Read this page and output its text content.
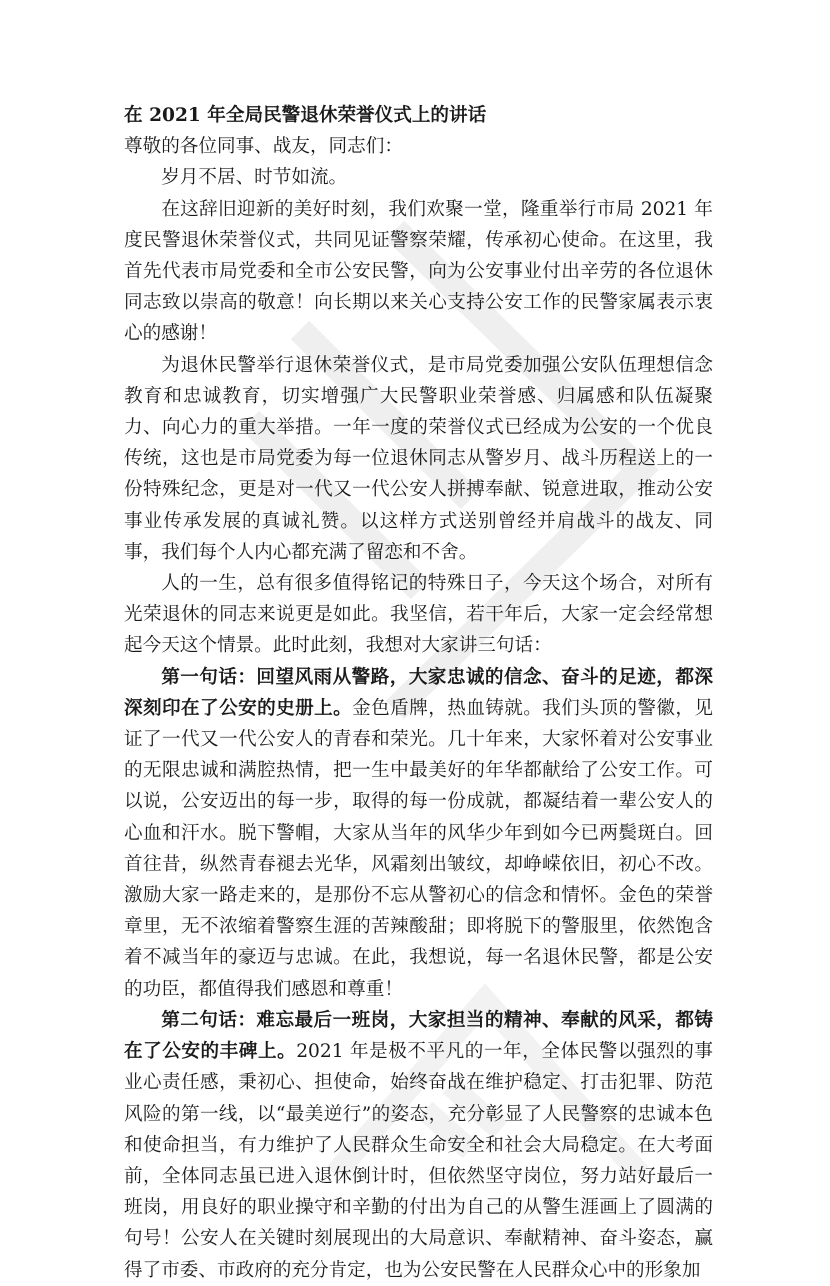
在 2021 年全局民警退休荣誉仪式上的讲话

尊敬的各位同事、战友，同志们：

岁月不居、时节如流。

在这辞旧迎新的美好时刻，我们欢聚一堂，隆重举行市局 2021 年度民警退休荣誉仪式，共同见证警察荣耀，传承初心使命。在这里，我首先代表市局党委和全市公安民警，向为公安事业付出辛劳的各位退休同志致以崇高的敬意！向长期以来关心支持公安工作的民警家属表示衷心的感谢！

为退休民警举行退休荣誉仪式，是市局党委加强公安队伍理想信念教育和忠诚教育，切实增强广大民警职业荣誉感、归属感和队伍凝聚力、向心力的重大举措。一年一度的荣誉仪式已经成为公安的一个优良传统，这也是市局党委为每一位退休同志从警岁月、战斗历程送上的一份特殊纪念，更是对一代又一代公安人拼搏奉献、锐意进取，推动公安事业传承发展的真诚礼赞。以这样方式送别曾经并肩战斗的战友、同事，我们每个人内心都充满了留恋和不舍。

人的一生，总有很多值得铭记的特殊日子，今天这个场合，对所有光荣退休的同志来说更是如此。我坚信，若干年后，大家一定会经常想起今天这个情景。此时此刻，我想对大家讲三句话：

第一句话：回望风雨从警路，大家忠诚的信念、奋斗的足迹，都深深刻印在了公安的史册上。金色盾牌，热血铸就。我们头顶的警徽，见证了一代又一代公安人的青春和荣光。几十年来，大家怀着对公安事业的无限忠诚和满腔热情，把一生中最美好的年华都献给了公安工作。可以说，公安迈出的每一步，取得的每一份成就，都凝结着一辈公安人的心血和汗水。脱下警帽，大家从当年的风华少年到如今已两鬓斑白。回首往昔，纵然青春褪去光华，风霜刻出皱纹，却峥嵘依旧，初心不改。激励大家一路走来的，是那份不忘从警初心的信念和情怀。金色的荣誉章里，无不浓缩着警察生涯的苦辣酸甜；即将脱下的警服里，依然饱含着不减当年的豪迈与忠诚。在此，我想说，每一名退休民警，都是公安的功臣，都值得我们感恩和尊重！

第二句话：难忘最后一班岗，大家担当的精神、奉献的风采，都铸在了公安的丰碑上。2021 年是极不平凡的一年，全体民警以强烈的事业心责任感，秉初心、担使命，始终奋战在维护稳定、打击犯罪、防范风险的第一线，以“最美逆行”的姿态，充分彰显了人民警察的忠诚本色和使命担当，有力维护了人民群众生命安全和社会大局稳定。在大考面前，全体同志虽已进入退休倒计时，但依然坚守岗位，努力站好最后一班岗，用良好的职业操守和辛勤的付出为自己的从警生涯画上了圆满的句号！公安人在关键时刻展现出的大局意识、奉献精神、奋斗姿态，赢得了市委、市政府的充分肯定，也为公安民警在人民群众心中的形象加
